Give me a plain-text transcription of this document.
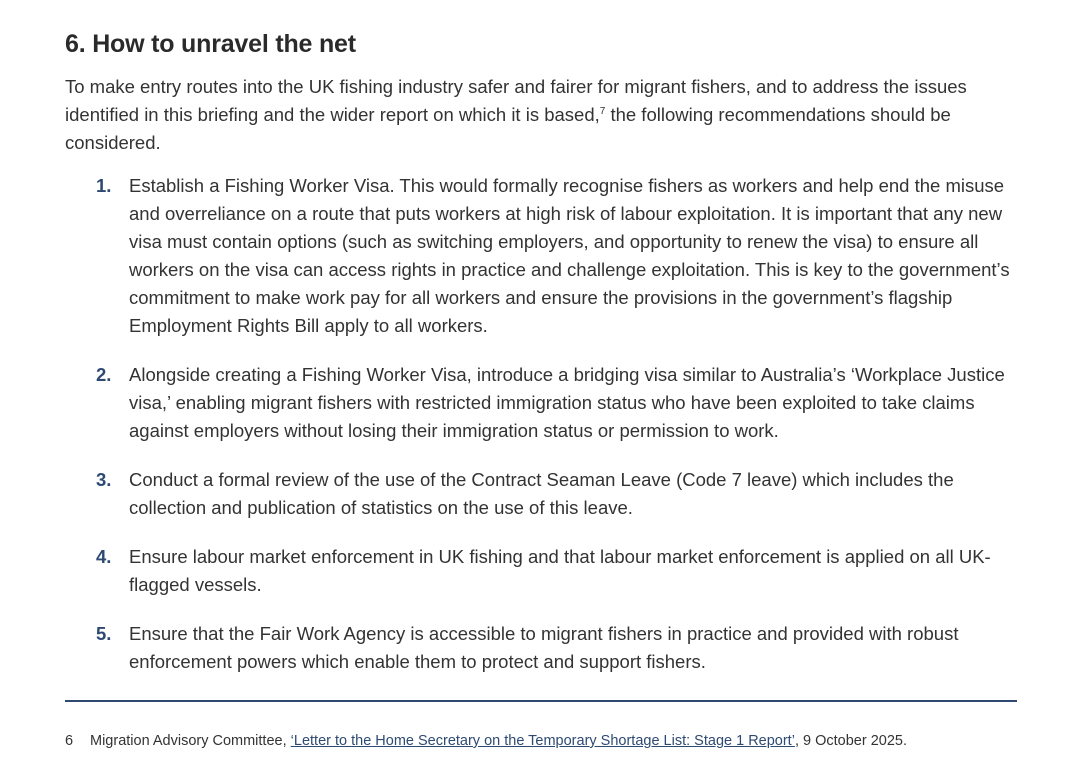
6. How to unravel the net

To make entry routes into the UK fishing industry safer and fairer for migrant fishers, and to address the issues identified in this briefing and the wider report on which it is based,$^7$ the following recommendations should be considered.

1. Establish a Fishing Worker Visa. This would formally recognise fishers as workers and help end the misuse and overreliance on a route that puts workers at high risk of labour exploitation. It is important that any new visa must contain options (such as switching employers, and opportunity to renew the visa) to ensure all workers on the visa can access rights in practice and challenge exploitation. This is key to the government’s commitment to make work pay for all workers and ensure the provisions in the government’s flagship Employment Rights Bill apply to all workers.
2. Alongside creating a Fishing Worker Visa, introduce a bridging visa similar to Australia’s ‘Workplace Justice visa,’ enabling migrant fishers with restricted immigration status who have been exploited to take claims against employers without losing their immigration status or permission to work.
3. Conduct a formal review of the use of the Contract Seaman Leave (Code 7 leave) which includes the collection and publication of statistics on the use of this leave.
4. Ensure labour market enforcement in UK fishing and that labour market enforcement is applied on all UK-flagged vessels.
5. Ensure that the Fair Work Agency is accessible to migrant fishers in practice and provided with robust enforcement powers which enable them to protect and support fishers.
6 Migration Advisory Committee, ‘Letter to the Home Secretary on the Temporary Shortage List: Stage 1 Report’, 9 October 2025.
